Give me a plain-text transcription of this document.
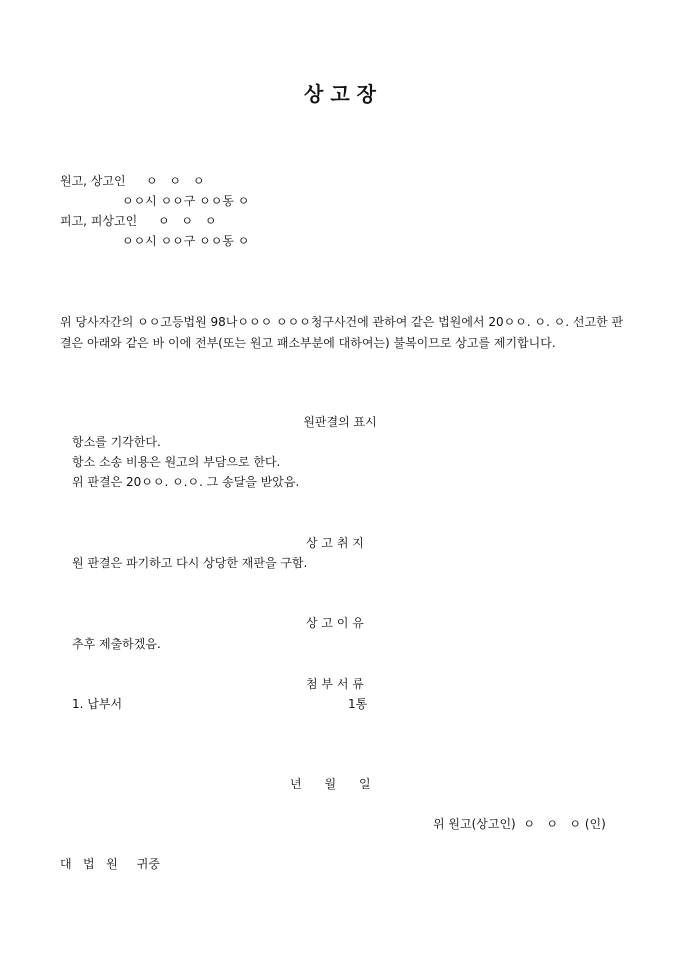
상 고 장
원고, 상고인 ㅇ ㅇ ㅇ
ㅇㅇ시 ㅇㅇ구 ㅇㅇ동 ㅇ
피고, 피상고인 ㅇ ㅇ ㅇ
ㅇㅇ시 ㅇㅇ구 ㅇㅇ동 ㅇ
위 당사자간의 ㅇㅇ고등법원 98나ㅇㅇㅇ ㅇㅇㅇ청구사건에 관하여 같은 법원에서 20ㅇㅇ. ㅇ. ㅇ. 선고한 판결은 아래와 같은 바 이에 전부(또는 원고 패소부분에 대하여는) 불복이므로 상고를 제기합니다.
원판결의 표시
항소를 기각한다.
항소 소송 비용은 원고의 부담으로 한다.
위 판결은 20ㅇㅇ. ㅇ.ㅇ. 그 송달을 받았음.
상 고 취 지
원 판결은 파기하고 다시 상당한 재판을 구함.
상 고 이 유
추후 제출하겠음.
첨 부 서 류
1. 납부서	1통
년      월      일
위 원고(상고인)  ㅇ   ㅇ   ㅇ (인)
대   법   원     귀중
